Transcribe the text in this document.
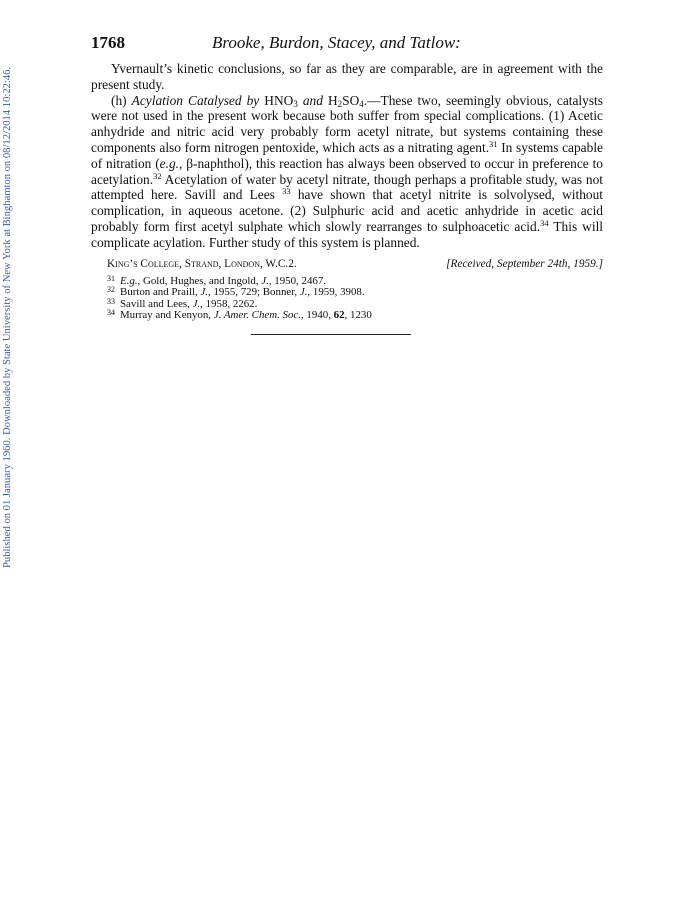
Published on 01 January 1960. Downloaded by State University of New York at Binghamton on 08/12/2014 10:22:46.
1768	Brooke, Burdon, Stacey, and Tatlow:

Yvernault’s kinetic conclusions, so far as they are comparable, are in agreement with the present study.

(h) Acylation Catalysed by $HNO_3$ and $H_2SO_4.—These$ two, seemingly obvious, catalysts were not used in the present work because both suffer from special complications. (1) Acetic anhydride and nitric acid very probably form acetyl nitrate, but systems containing these components also form nitrogen pentoxide, which acts as a nitrating agent.$^{31}$ In systems capable of nitration (e.g., β-naphthol), this reaction has always been observed to occur in preference to acetylation.$^{32}$ Acetylation of water by acetyl nitrate, though perhaps a profitable study, was not attempted here. Savill and Lees $^{33}$ have shown that acetyl nitrite is solvolysed, without complication, in aqueous acetone. (2) Sulphuric acid and acetic anhydride in acetic acid probably form first acetyl sulphate which slowly rearranges to sulphoacetic acid.$^{34}$ This will complicate acylation. Further study of this system is planned.

King’s College, Strand, London, W.C.2.	[Received, September 24th, 1959.]
$^{31}$ E.g., Gold, Hughes, and Ingold, J., 1950, 2467.
$^{32}$ Burton and Praill, J., 1955, 729; Bonner, J., 1959, 3908.
$^{33}$ Savill and Lees, J., 1958, 2262.
$^{34}$ Murray and Kenyon, J. Amer. Chem. Soc., 1940, 62, 1230
